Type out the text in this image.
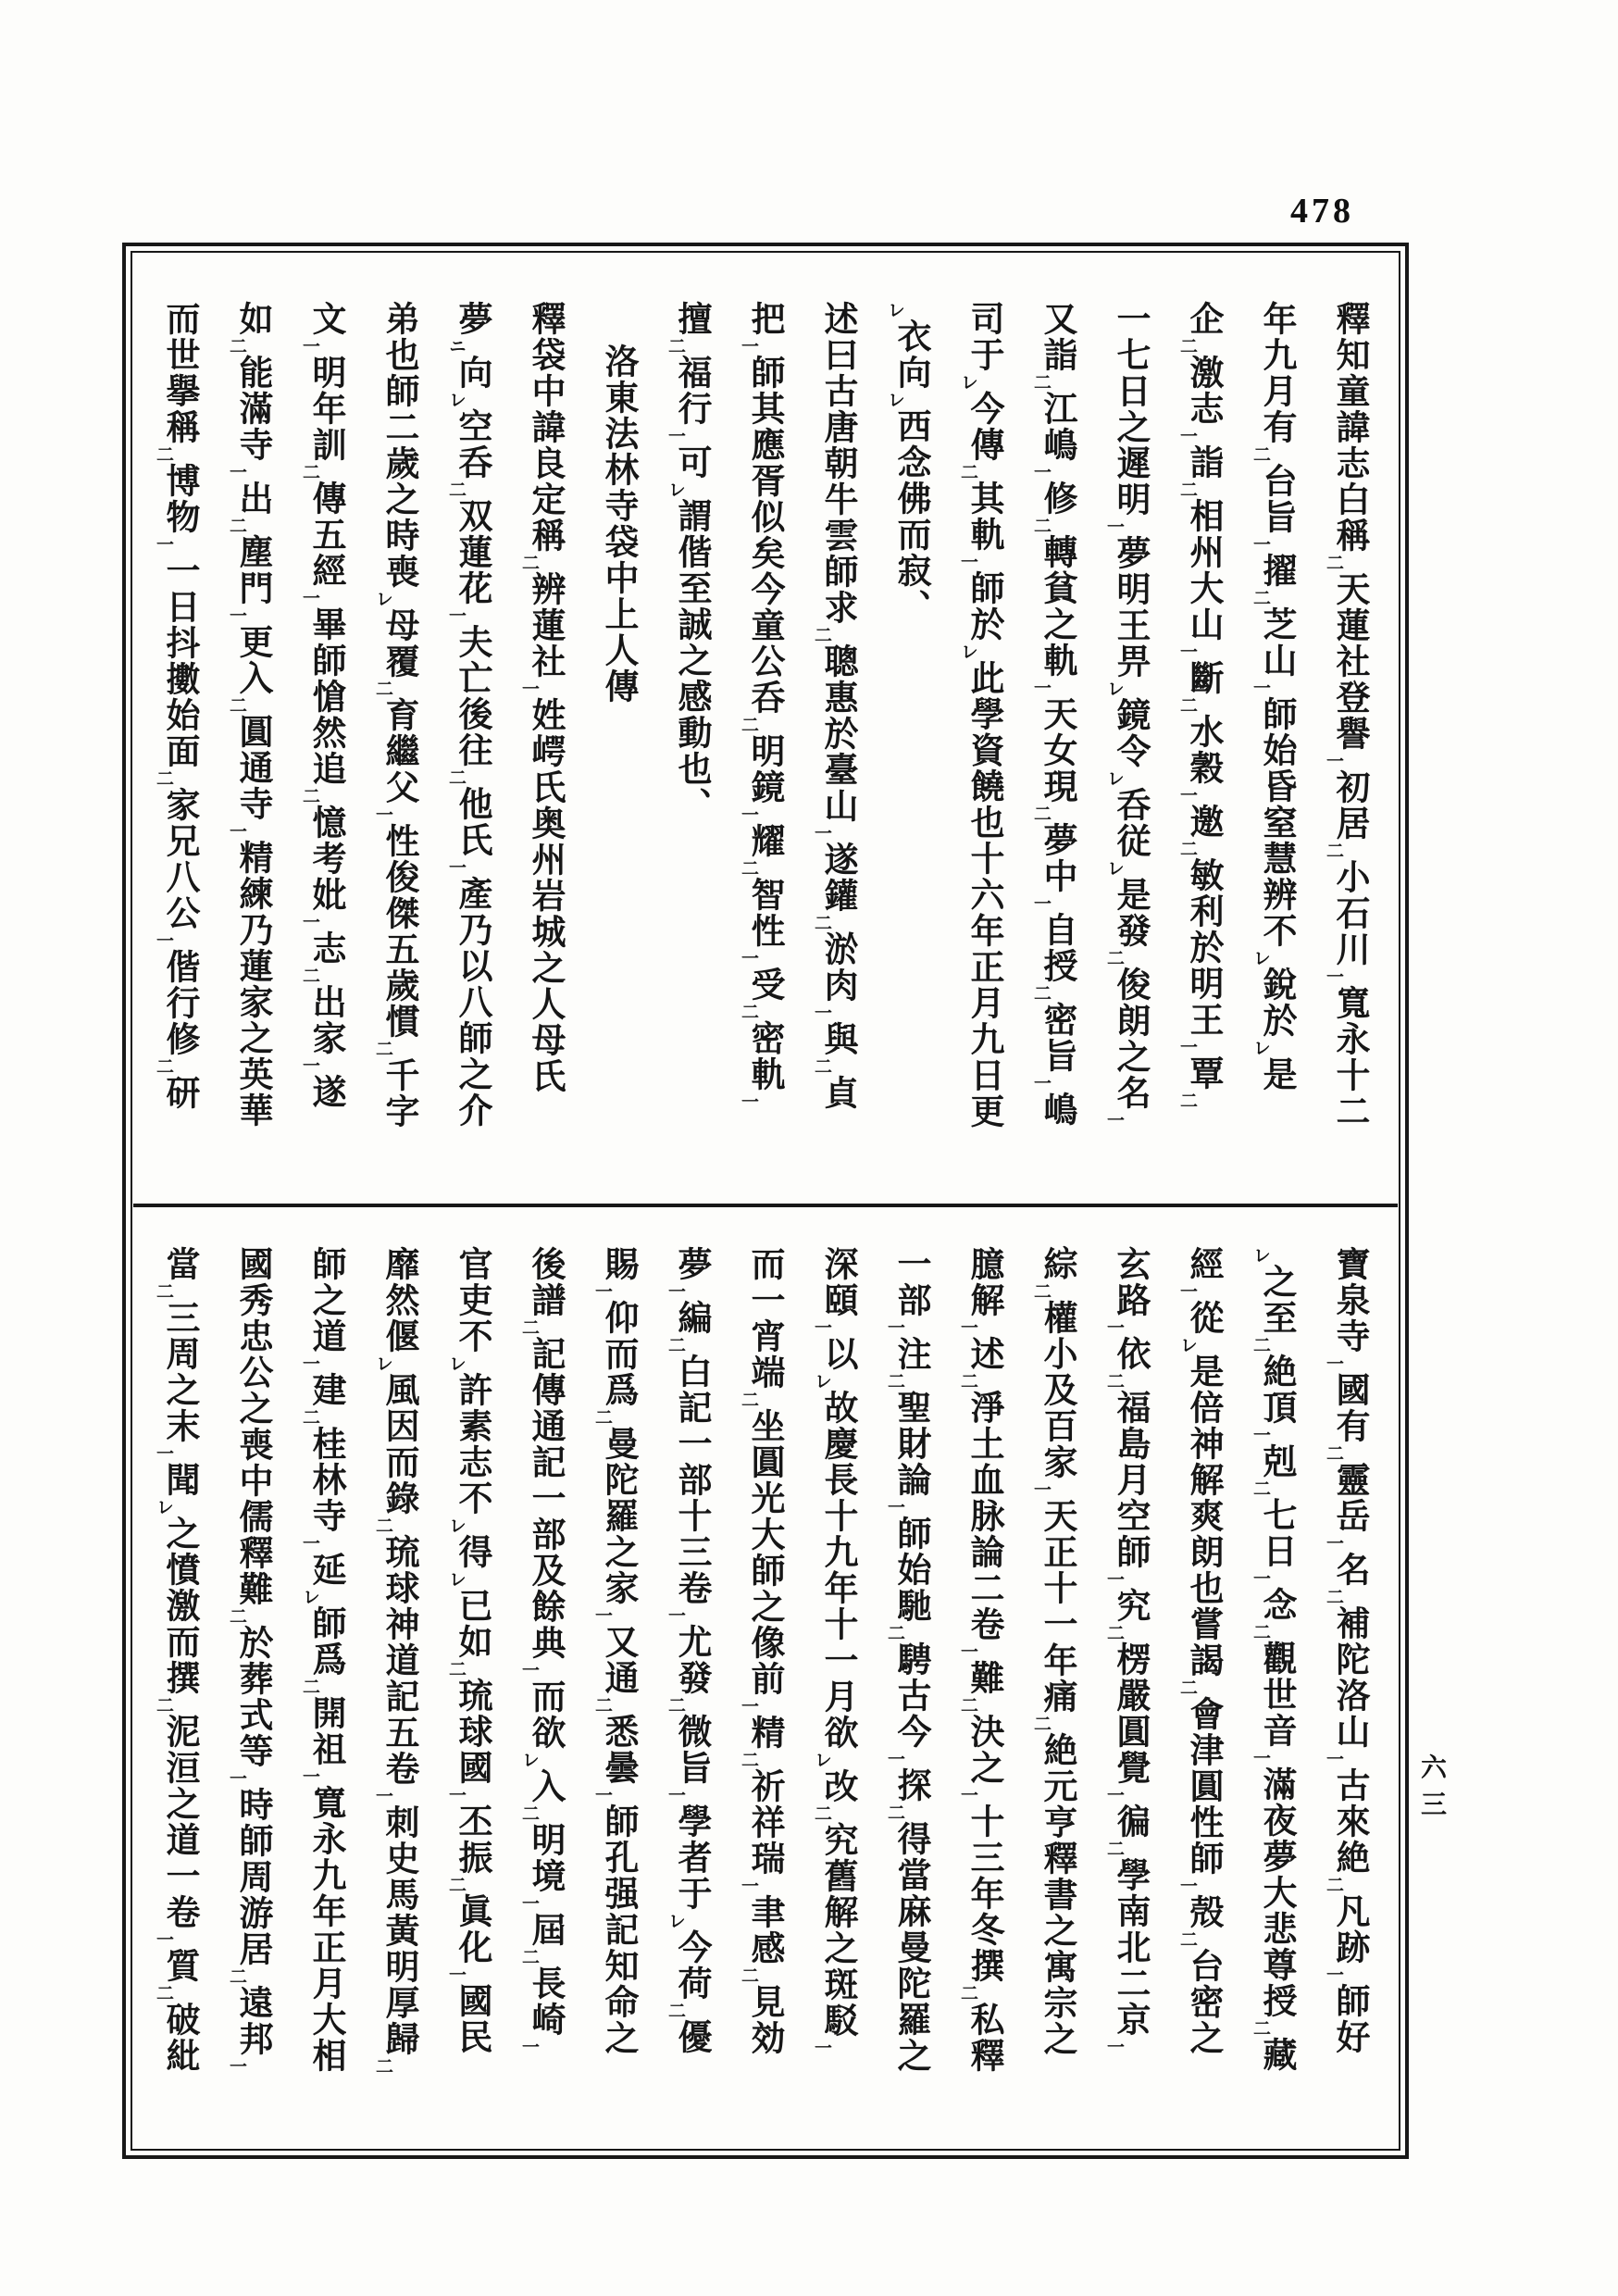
478
釋知童諱志白稱二天蓮社登譽一初居二小石川一寬永十二
年九月有二台旨一擢二芝山一師始昏窒慧辨不レ銳於レ是
企二激志一詣二相州大山一斷二水穀一邀二敏利於明王一覃二
一七日之遲明一夢明王畀レ鏡令レ呑従レ是發二俊朗之名一
又詣二江嶋一修二轉貧之軌一天女現二夢中一自授二密旨一嶋
司于レ今傳二其軌一師於レ此學資饒也十六年正月九日更
レ衣向レ西念佛而寂、
述曰古唐朝牛雲師求二聰惠於臺山一遂鑵二淤肉一與二貞
把一師其應胥似矣今童公呑二明鏡一耀二智性一受二密軌一
擅二福行一可レ謂偕至誠之感動也、
洛東法林寺袋中上人傳
釋袋中諱良定稱二辨蓮社一姓崿氏奥州岩城之人母氏
夢ニ向レ空呑二双蓮花一夫亡後往二他氏一產乃以八師之介
弟也師二歲之時喪レ母覆二育繼父一性俊傑五歲慣二千字
文一明年訓二傳五經一畢師愴然追二憶考妣一志二出家一遂
如二能滿寺一出二塵門一更入二圓通寺一精練乃蓮家之英華
而世擧稱二博物一一日抖擻始面二家兄八公一偕行修二研
寶泉寺一國有二靈岳一名二補陀洛山一古來絶二凡跡一師好
レ之至二絶頂一剋二七日一念二觀世音一滿夜夢大悲尊授二藏
經一從レ是倍神解爽朗也嘗謁二會津圓性師一殻二台密之
玄路一依二福島月空師一究二楞嚴圓覺一徧二學南北二京一
綜二權小及百家一天正十一年痛二絶元亨釋書之寓宗之
臆解一述二淨土血脉論二卷一難二決之一十三年冬撰二私釋
一部一注二聖財論一師始馳二騁古今一探二得當麻曼陀羅之
深頤一以レ故慶長十九年十一月欲レ改二究舊解之斑駁一
而一宵端二坐圓光大師之像前一精二祈祥瑞一聿感二見効
夢一編二白記一部十三卷一尤發二微旨一學者于レ今荷二優
賜一仰而爲二曼陀羅之家一又通二悉曇一師孔强記知命之
後譜二記傳通記一部及餘典一而欲レ入二明境一屆二長崎一
官吏不レ許素志不レ得レ已如二琉球國一丕振二眞化一國民
靡然偃レ風因而錄二琉球神道記五卷一刺史馬黃明厚歸二
師之道一建二桂林寺一延レ師爲二開祖一寬永九年正月大相
國秀忠公之喪中儒釋難二於葬式等一時師周游居二遠邦一
當二三周之末一聞レ之憤激而撰二泥洹之道一卷一質二破紕
六三
